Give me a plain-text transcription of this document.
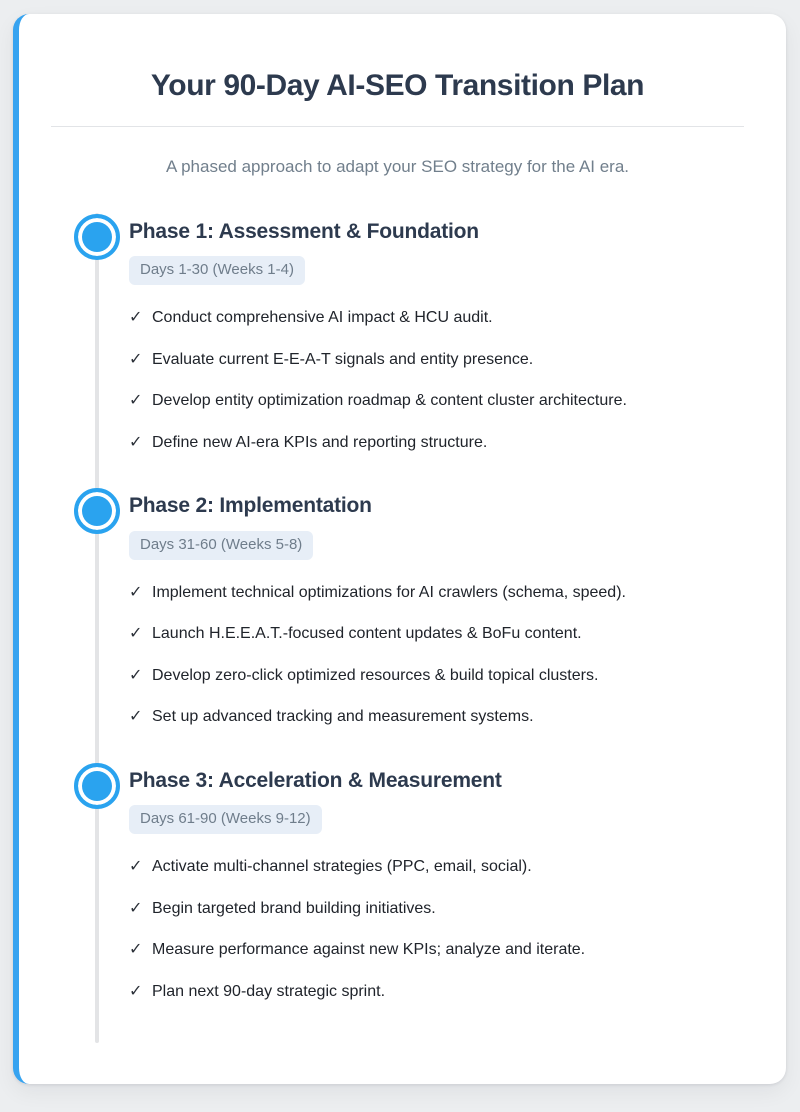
Your 90-Day AI-SEO Transition Plan

A phased approach to adapt your SEO strategy for the AI era.

Phase 1: Assessment & Foundation
Days 1-30 (Weeks 1-4)
✓ Conduct comprehensive AI impact & HCU audit.
✓ Evaluate current E-E-A-T signals and entity presence.
✓ Develop entity optimization roadmap & content cluster architecture.
✓ Define new AI-era KPIs and reporting structure.
Phase 2: Implementation
Days 31-60 (Weeks 5-8)
✓ Implement technical optimizations for AI crawlers (schema, speed).
✓ Launch H.E.E.A.T.-focused content updates & BoFu content.
✓ Develop zero-click optimized resources & build topical clusters.
✓ Set up advanced tracking and measurement systems.
Phase 3: Acceleration & Measurement
Days 61-90 (Weeks 9-12)
✓ Activate multi-channel strategies (PPC, email, social).
✓ Begin targeted brand building initiatives.
✓ Measure performance against new KPIs; analyze and iterate.
✓ Plan next 90-day strategic sprint.
